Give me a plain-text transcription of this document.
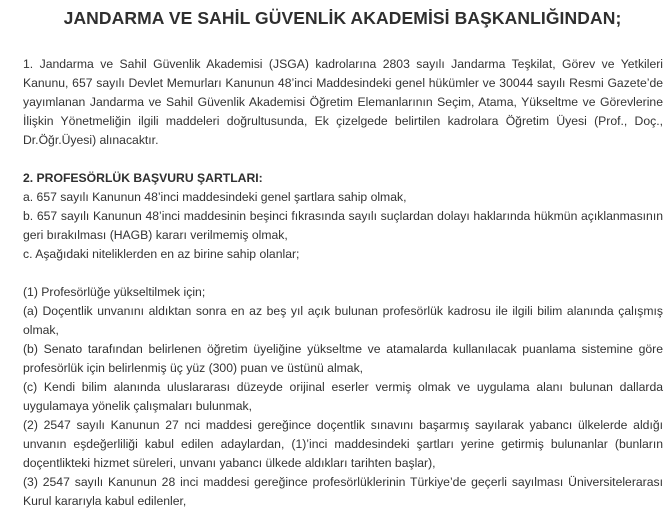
JANDARMA VE SAHİL GÜVENLİK AKADEMİSİ BAŞKANLIĞINDAN;

1. Jandarma ve Sahil Güvenlik Akademisi (JSGA) kadrolarına 2803 sayılı Jandarma Teşkilat, Görev ve Yetkileri Kanunu, 657 sayılı Devlet Memurları Kanunun 48’inci Maddesindeki genel hükümler ve 30044 sayılı Resmi Gazete’de yayımlanan Jandarma ve Sahil Güvenlik Akademisi Öğretim Elemanlarının Seçim, Atama, Yükseltme ve Görevlerine İlişkin Yönetmeliğin ilgili maddeleri doğrultusunda, Ek çizelgede belirtilen kadrolara Öğretim Üyesi (Prof., Doç., Dr.Öğr.Üyesi) alınacaktır.

2. PROFESÖRLÜK BAŞVURU ŞARTLARI:

a. 657 sayılı Kanunun 48’inci maddesindeki genel şartlara sahip olmak,

b. 657 sayılı Kanunun 48’inci maddesinin beşinci fıkrasında sayılı suçlardan dolayı haklarında hükmün açıklanmasının geri bırakılması (HAGB) kararı verilmemiş olmak,

c. Aşağıdaki niteliklerden en az birine sahip olanlar;

(1) Profesörlüğe yükseltilmek için;

(a) Doçentlik unvanını aldıktan sonra en az beş yıl açık bulunan profesörlük kadrosu ile ilgili bilim alanında çalışmış olmak,

(b) Senato tarafından belirlenen öğretim üyeliğine yükseltme ve atamalarda kullanılacak puanlama sistemine göre profesörlük için belirlenmiş üç yüz (300) puan ve üstünü almak,

(c) Kendi bilim alanında uluslararası düzeyde orijinal eserler vermiş olmak ve uygulama alanı bulunan dallarda uygulamaya yönelik çalışmaları bulunmak,

(2) 2547 sayılı Kanunun 27 nci maddesi gereğince doçentlik sınavını başarmış sayılarak yabancı ülkelerde aldığı unvanın eşdeğerliliği kabul edilen adaylardan, (1)’inci maddesindeki şartları yerine getirmiş bulunanlar (bunların doçentlikteki hizmet süreleri, unvanı yabancı ülkede aldıkları tarihten başlar),

(3) 2547 sayılı Kanunun 28 inci maddesi gereğince profesörlüklerinin Türkiye’de geçerli sayılması Üniversitelerarası Kurul kararıyla kabul edilenler,
